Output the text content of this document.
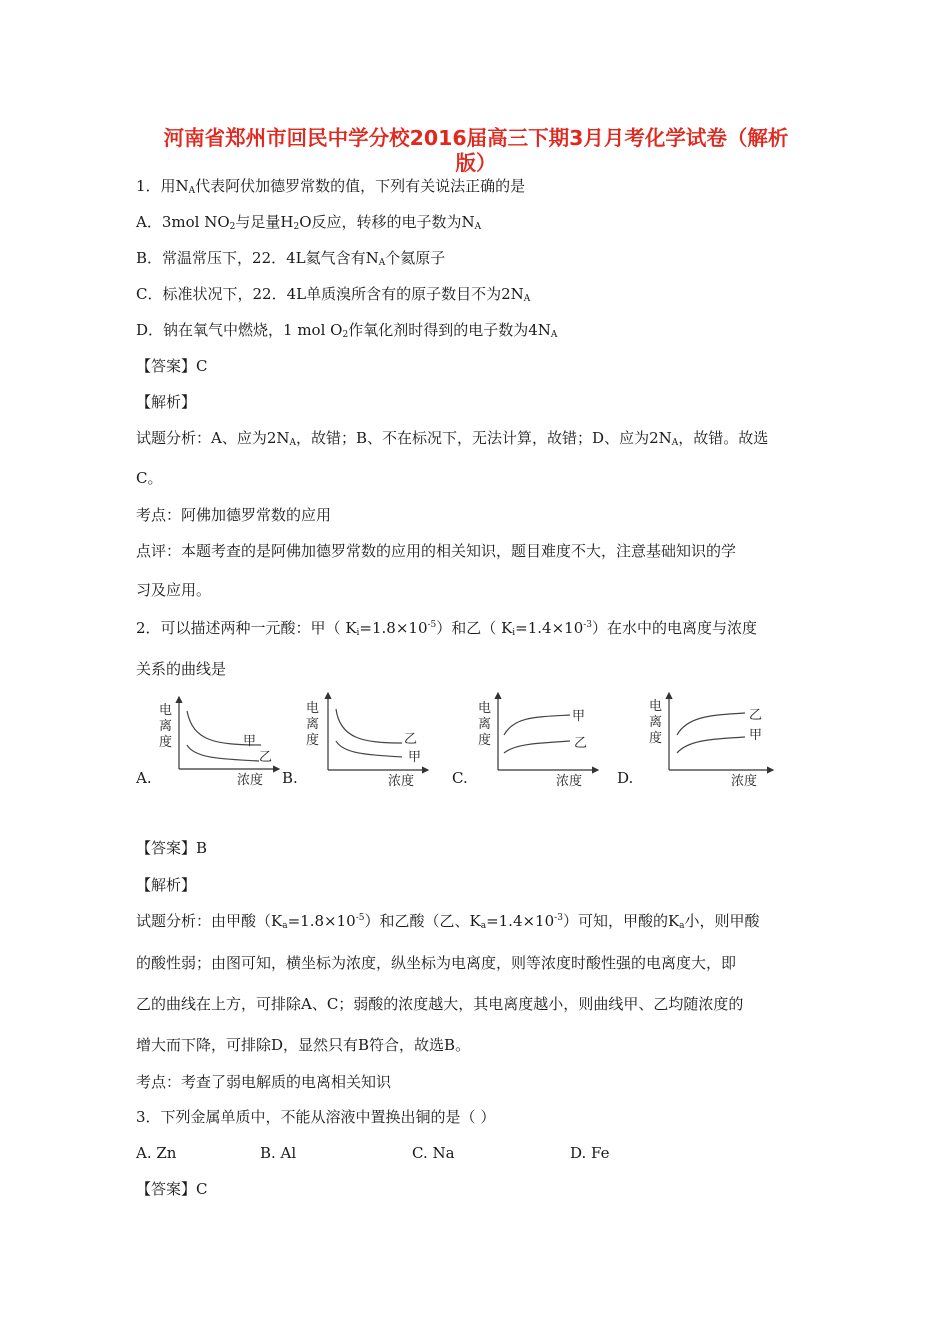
河南省郑州市回民中学分校2016届高三下期3月月考化学试卷（解析
版）

1．用$N_A$代表阿伏加德罗常数的值，下列有关说法正确的是

A．3mol $NO_2$与足量$H_2O$反应，转移的电子数为$N_A$

B．常温常压下，22．4L氦气含有$N_A$个氦原子

C．标准状况下，22．4L单质溴所含有的原子数目不为$2N_A$

D．钠在氧气中燃烧，1 mol $O_2$作氧化剂时得到的电子数为$4N_A$

【答案】C

【解析】

试题分析：A、应为$2N_A$，故错；B、不在标况下，无法计算，故错；D、应为$2N_A$，故错。故选

C。

考点：阿佛加德罗常数的应用

点评：本题考查的是阿佛加德罗常数的应用的相关知识，题目难度不大，注意基础知识的学

习及应用。

2．可以描述两种一元酸：甲（ $K_i=1.8\times 10^{-5}$）和乙（ $K_i=1.4\times 10^{-3}$）在水中的电离度与浓度

关系的曲线是

A.	B.	C.	D.
电
离
度	甲
乙
浓度
电
离
度	乙
甲
浓度
电
离
度
甲
乙
浓度
电
离
度
乙
甲
浓度

【答案】B

【解析】

试题分析：由甲酸$(K_a=1.8\times 10^{-5})$和乙酸（乙、$K_a=1.4\times 10^{-3}$）可知，甲酸的$K_a$小，则甲酸

的酸性弱；由图可知，横坐标为浓度，纵坐标为电离度，则等浓度时酸性强的电离度大，即

乙的曲线在上方，可排除A、C；弱酸的浓度越大，其电离度越小，则曲线甲、乙均随浓度的

增大而下降，可排除D，显然只有B符合，故选B。

考点：考查了弱电解质的电离相关知识

3．下列金属单质中，不能从溶液中置换出铜的是（ ）

A. Zn	B. Al	C. Na	D. Fe

【答案】C
